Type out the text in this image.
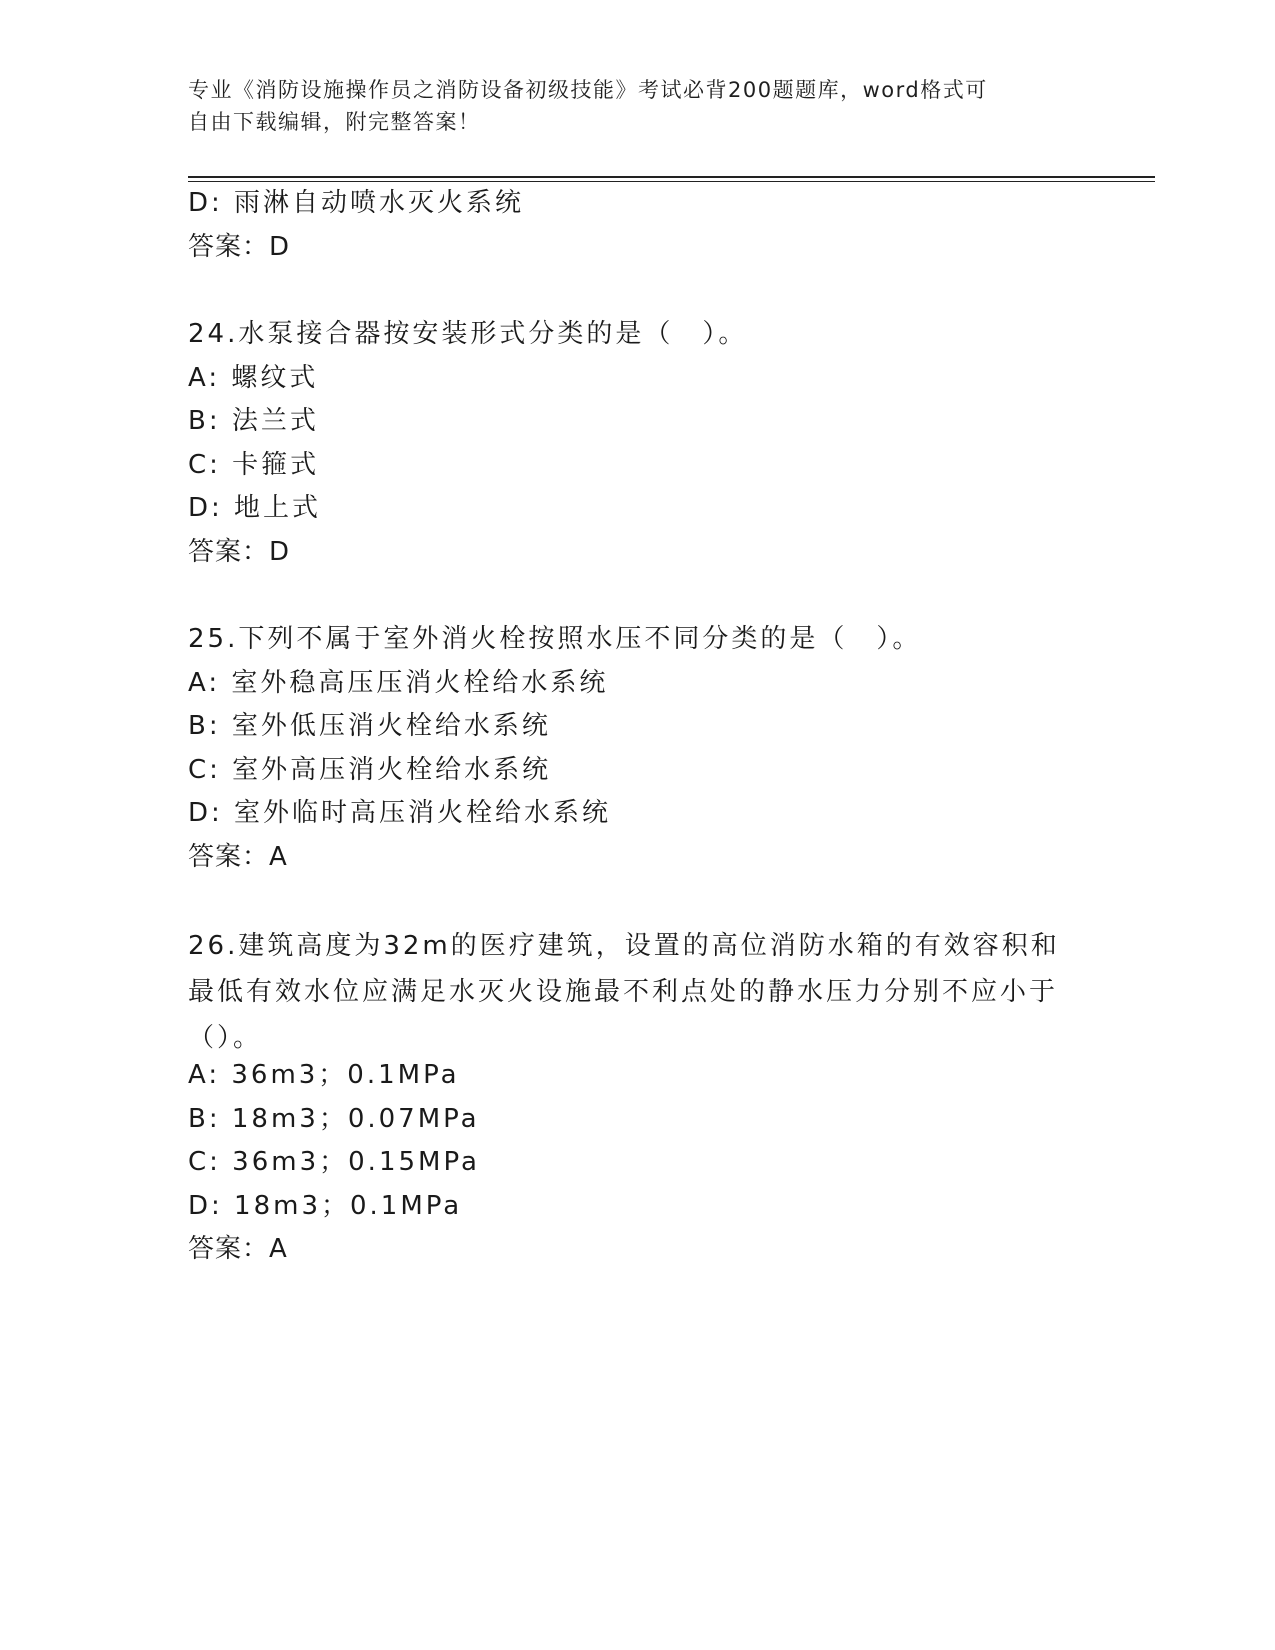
专业《消防设施操作员之消防设备初级技能》考试必背200题题库，word格式可
自由下载编辑，附完整答案！
D: 雨淋自动喷水灭火系统
答案：D
24.水泵接合器按安装形式分类的是（　）。
A: 螺纹式
B: 法兰式
C: 卡箍式
D: 地上式
答案：D
25.下列不属于室外消火栓按照水压不同分类的是（　）。
A: 室外稳高压压消火栓给水系统
B: 室外低压消火栓给水系统
C: 室外高压消火栓给水系统
D: 室外临时高压消火栓给水系统
答案：A
26.建筑高度为32m的医疗建筑，设置的高位消防水箱的有效容积和最低有效水位应满足水灭火设施最不利点处的静水压力分别不应小于（）。
A: 36m3；0.1MPa
B: 18m3；0.07MPa
C: 36m3；0.15MPa
D: 18m3；0.1MPa
答案：A
